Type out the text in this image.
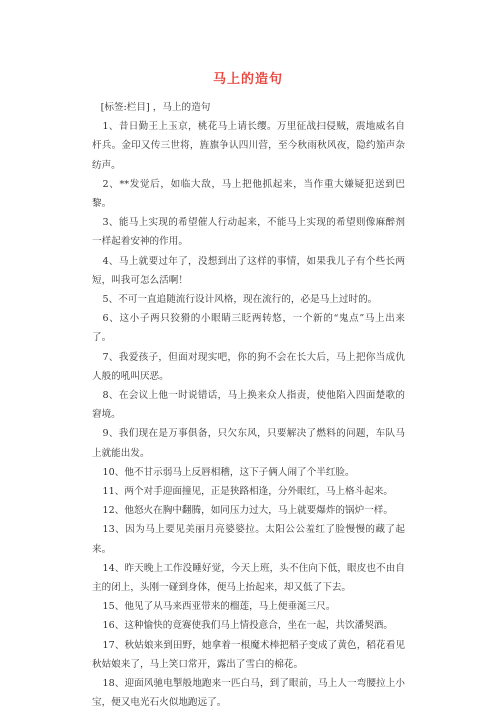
马上的造句

[标签:栏目] ，马上的造句

1、昔日勤王上玉京，桃花马上请长缨。万里征战扫侵贼，震地威名自杆兵。金印又传三世将，旌旗争认四川营，至今秋雨秋风夜，隐约笳声杂纺声。

2、**发觉后，如临大敌，马上把他抓起来，当作重大嫌疑犯送到巴黎。

3、能马上实现的希望催人行动起来，不能马上实现的希望则像麻醉剂一样起着安神的作用。

4、马上就要过年了，没想到出了这样的事情，如果我儿子有个些长两短，叫我可怎么活啊！

5、不可一直追随流行设计风格，现在流行的，必是马上过时的。

6、这小子两只狡猾的小眼睛三眨两转悠，一个新的“鬼点”马上出来了。

7、我爱孩子，但面对现实吧，你的狗不会在长大后，马上把你当成仇人般的吼叫厌恶。

8、在会议上他一时说错话，马上换来众人指责，使他陷入四面楚歌的窘境。

9、我们现在是万事俱备，只欠东风，只要解决了燃料的问题，车队马上就能出发。

10、他不甘示弱马上反唇相稽，这下子俩人闹了个半红脸。

11、两个对手迎面撞见，正是狭路相逢，分外眼红，马上格斗起来。

12、他怒火在胸中翻腾，如同压力过大，马上就要爆炸的锅炉一样。

13、因为马上要见美丽月亮婆婆拉。太阳公公羞红了脸慢慢的藏了起来。

14、昨天晚上工作没睡好觉，今天上班，头不住向下低，眼皮也不由自主的闭上，头刚一碰到身体，便马上抬起来，却又低了下去。

15、他见了从马来西亚带来的榴莲，马上便垂涎三尺。

16、这种愉快的竟赛使我们马上情投意合，坐在一起，共饮潘契酒。

17、秋姑娘来到田野，她拿着一根魔术棒把稻子变成了黄色，稻花看见秋姑娘来了，马上笑口常开，露出了雪白的棉花。

18、迎面风驰电掣般地跑来一匹白马，到了眼前，马上人一弯腰拉上小宝，便又电光石火似地跑远了。
